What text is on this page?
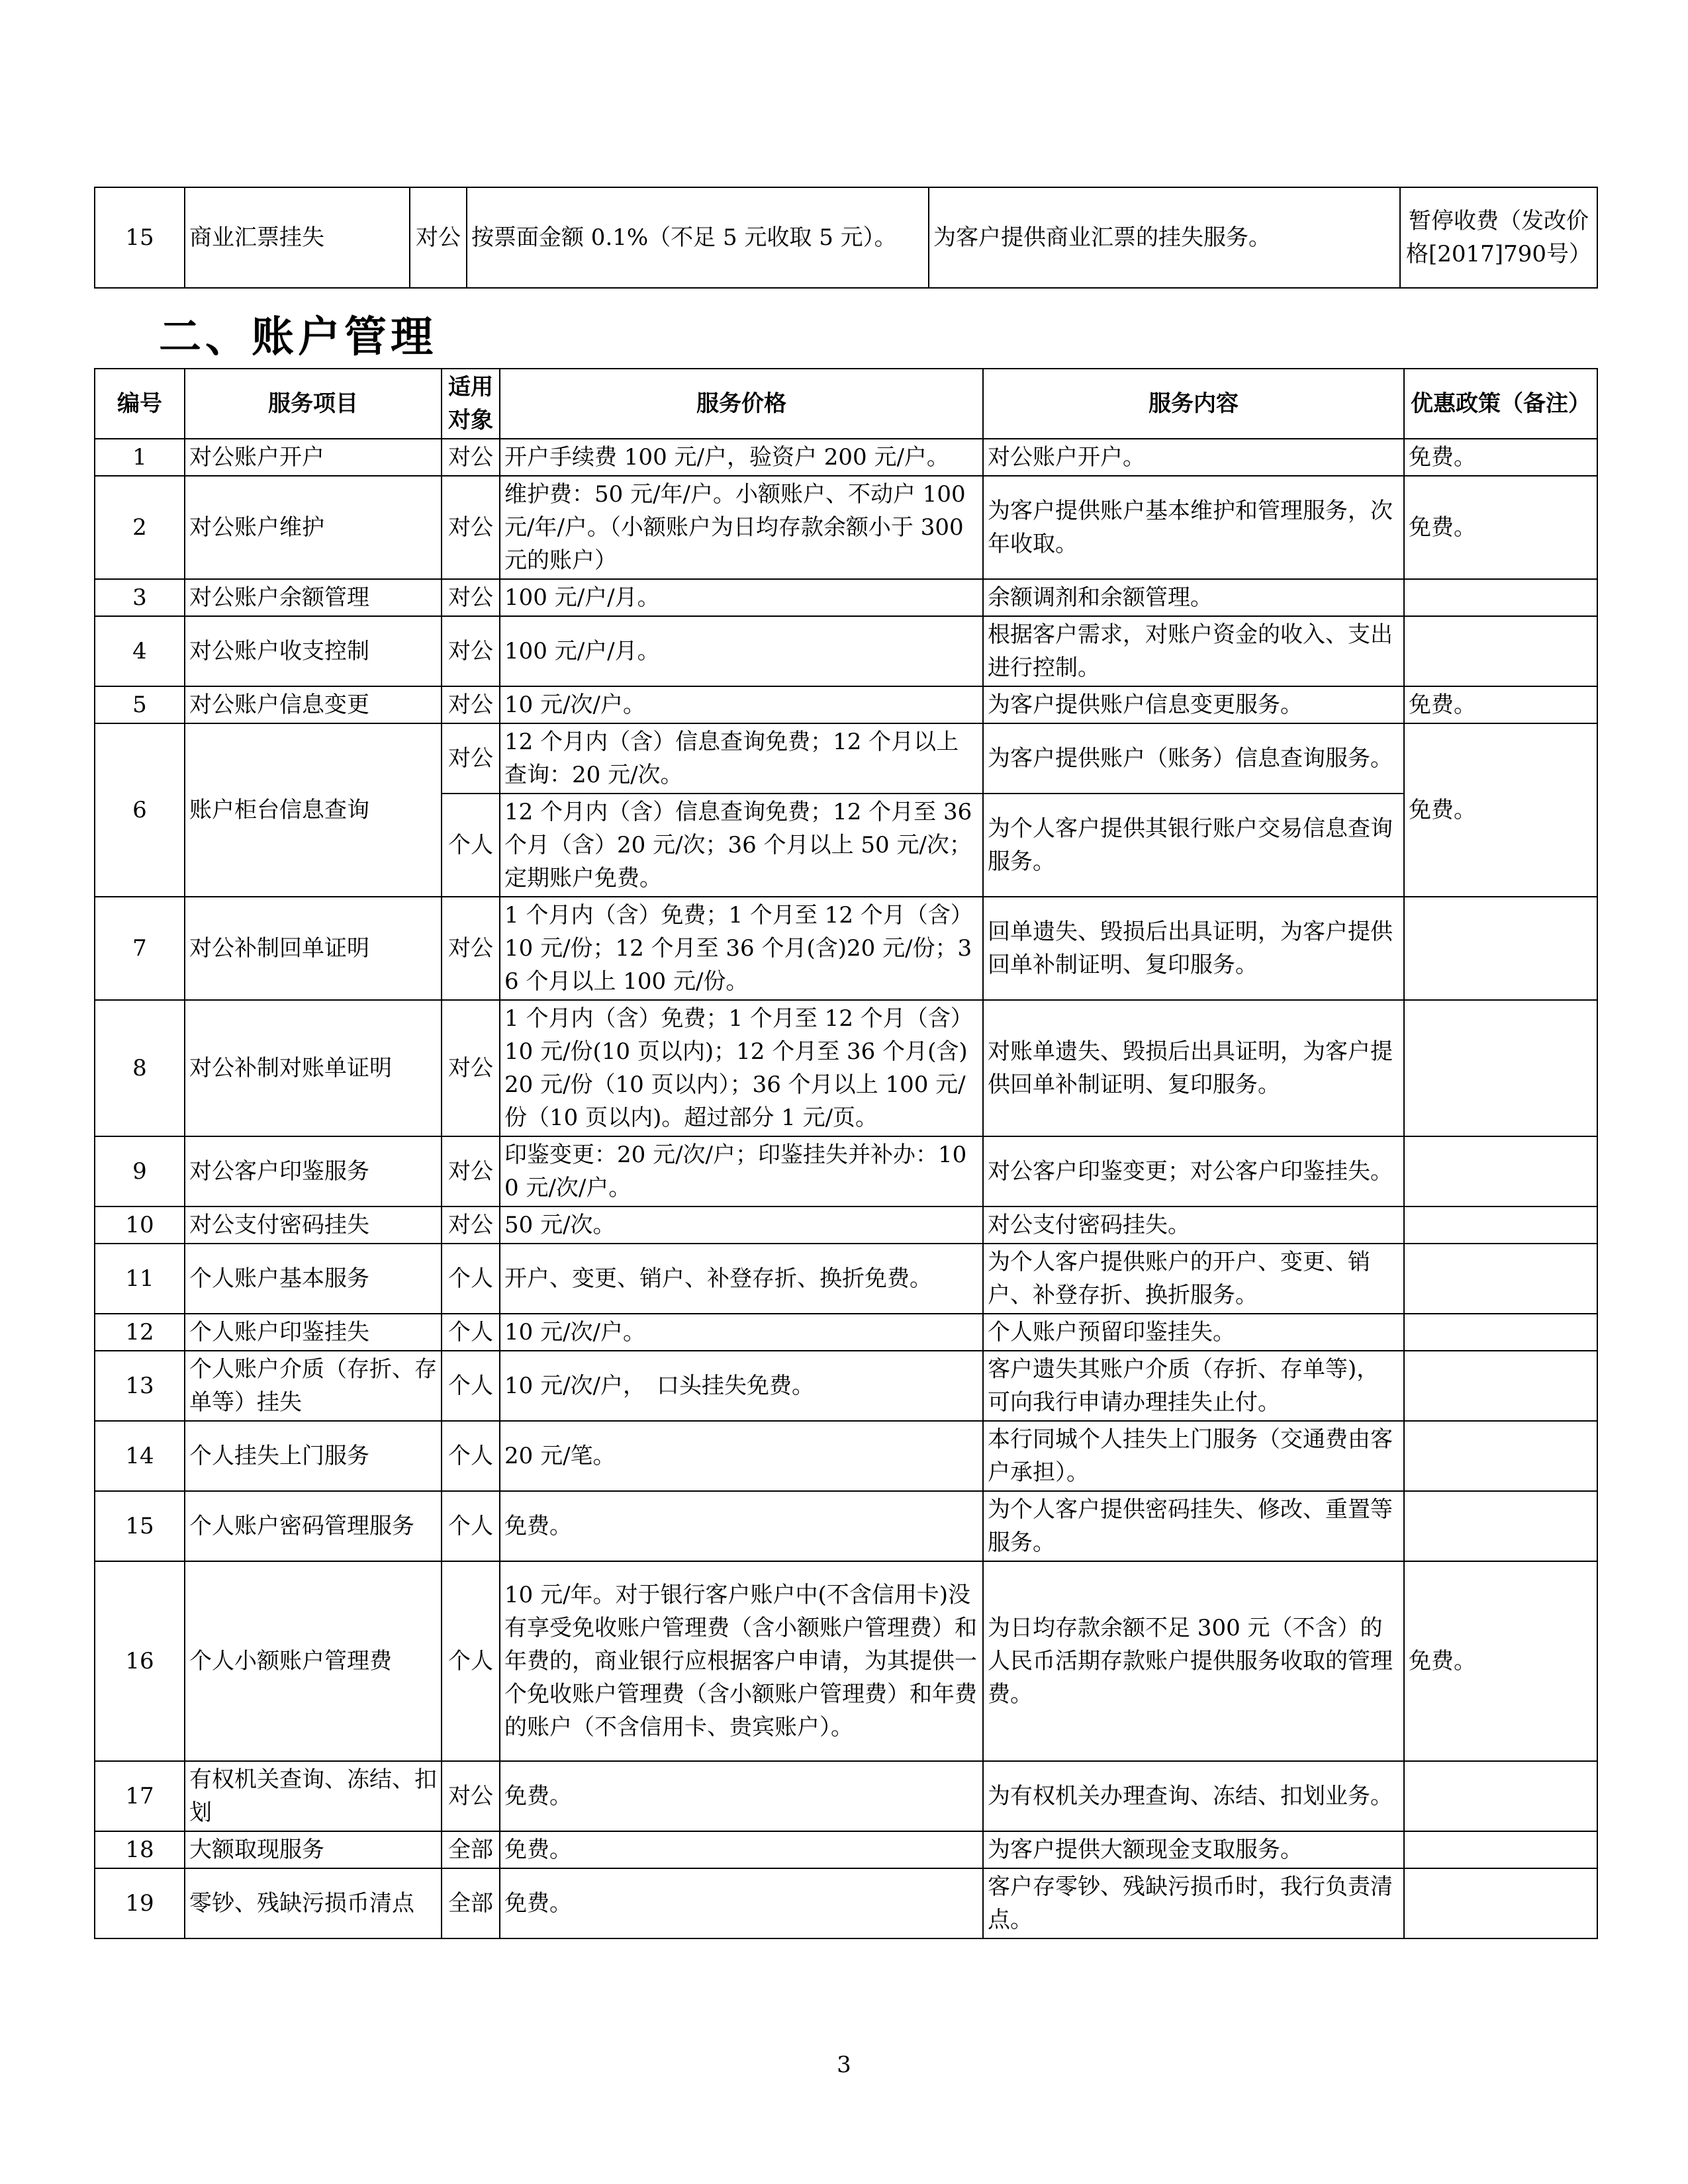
15	商业汇票挂失	对公	按票面金额 0.1%（不足 5 元收取 5 元）。	为客户提供商业汇票的挂失服务。	暂停收费（发改价格[2017]790号）
二、账户管理
编号	服务项目	适用对象	服务价格	服务内容	优惠政策（备注）
1	对公账户开户	对公	开户手续费 100 元/户，验资户 200 元/户。	对公账户开户。	免费。
2	对公账户维护	对公	维护费：50 元/年/户。小额账户、不动户 100 元/年/户。（小额账户为日均存款余额小于 300 元的账户）	为客户提供账户基本维护和管理服务，次年收取。	免费。
3	对公账户余额管理	对公	100 元/户/月。	余额调剂和余额管理。	
4	对公账户收支控制	对公	100 元/户/月。	根据客户需求，对账户资金的收入、支出进行控制。	
5	对公账户信息变更	对公	10 元/次/户。	为客户提供账户信息变更服务。	免费。
6	账户柜台信息查询	对公	12 个月内（含）信息查询免费；12 个月以上查询：20 元/次。	为客户提供账户（账务）信息查询服务。	免费。
		个人	12 个月内（含）信息查询免费；12 个月至 36 个月（含）20 元/次；36 个月以上 50 元/次；定期账户免费。	为个人客户提供其银行账户交易信息查询服务。	
7	对公补制回单证明	对公	1 个月内（含）免费；1 个月至 12 个月（含）10 元/份；12 个月至 36 个月(含)20 元/份；36 个月以上 100 元/份。	回单遗失、毁损后出具证明，为客户提供回单补制证明、复印服务。	
8	对公补制对账单证明	对公	1 个月内（含）免费；1 个月至 12 个月（含）10 元/份(10 页以内)；12 个月至 36 个月(含)20 元/份（10 页以内）；36 个月以上 100 元/份（10 页以内)。超过部分 1 元/页。	对账单遗失、毁损后出具证明，为客户提供回单补制证明、复印服务。	
9	对公客户印鉴服务	对公	印鉴变更：20 元/次/户；印鉴挂失并补办：100 元/次/户。	对公客户印鉴变更；对公客户印鉴挂失。	
10	对公支付密码挂失	对公	50 元/次。	对公支付密码挂失。	
11	个人账户基本服务	个人	开户、变更、销户、补登存折、换折免费。	为个人客户提供账户的开户、变更、销户、补登存折、换折服务。	
12	个人账户印鉴挂失	个人	10 元/次/户。	个人账户预留印鉴挂失。	
13	个人账户介质（存折、存单等）挂失	个人	10 元/次/户，　口头挂失免费。	客户遗失其账户介质（存折、存单等)，可向我行申请办理挂失止付。	
14	个人挂失上门服务	个人	20 元/笔。	本行同城个人挂失上门服务（交通费由客户承担）。	
15	个人账户密码管理服务	个人	免费。	为个人客户提供密码挂失、修改、重置等服务。	
16	个人小额账户管理费	个人	10 元/年。对于银行客户账户中(不含信用卡)没有享受免收账户管理费（含小额账户管理费）和年费的，商业银行应根据客户申请，为其提供一个免收账户管理费（含小额账户管理费）和年费的账户（不含信用卡、贵宾账户）。	为日均存款余额不足 300 元（不含）的人民币活期存款账户提供服务收取的管理费。	免费。
17	有权机关查询、冻结、扣划	对公	免费。	为有权机关办理查询、冻结、扣划业务。	
18	大额取现服务	全部	免费。	为客户提供大额现金支取服务。	
19	零钞、残缺污损币清点	全部	免费。	客户存零钞、残缺污损币时，我行负责清点。	
3
